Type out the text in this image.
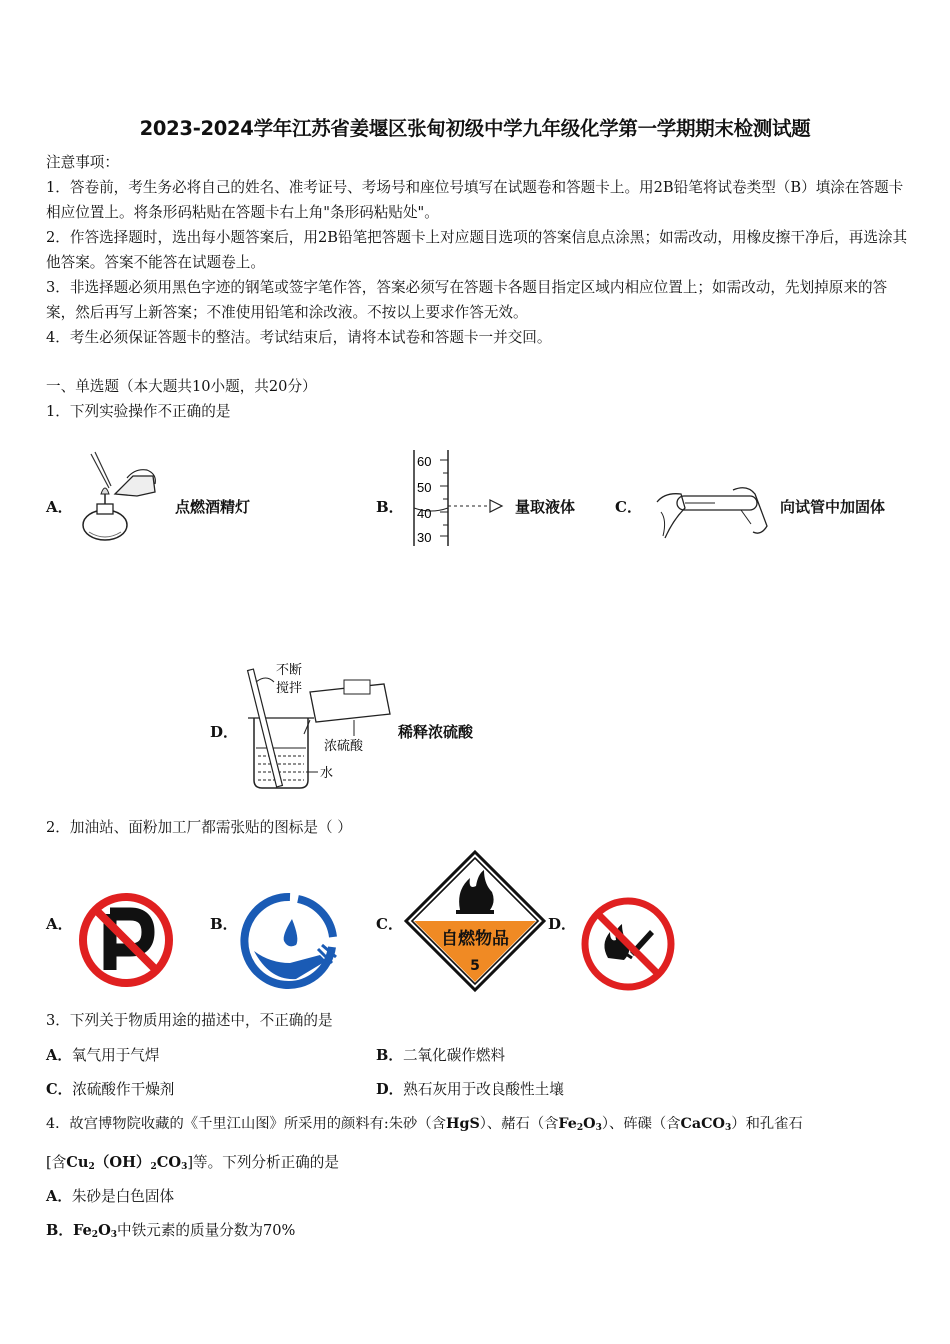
2023-2024学年江苏省姜堰区张甸初级中学九年级化学第一学期期末检测试题
注意事项：
1．答卷前，考生务必将自己的姓名、准考证号、考场号和座位号填写在试题卷和答题卡上。用2B铅笔将试卷类型（B）填涂在答题卡相应位置上。将条形码粘贴在答题卡右上角"条形码粘贴处"。
2．作答选择题时，选出每小题答案后，用2B铅笔把答题卡上对应题目选项的答案信息点涂黑；如需改动，用橡皮擦干净后，再选涂其他答案。答案不能答在试题卷上。
3．非选择题必须用黑色字迹的钢笔或签字笔作答，答案必须写在答题卡各题目指定区域内相应位置上；如需改动，先划掉原来的答案，然后再写上新答案；不准使用铅笔和涂改液。不按以上要求作答无效。
4．考生必须保证答题卡的整洁。考试结束后，请将本试卷和答题卡一并交回。
一、单选题（本大题共10小题，共20分）
1．下列实验操作不正确的是
A．	点燃酒精灯	B．
60
50
40
30
量取液体	C．	向试管中加固体
D．
不断
搅拌
浓硫酸
水
稀释浓硫酸
2．加油站、面粉加工厂都需张贴的图标是（ ）
A．	B．	C．
自燃物品
5
D．
3．下列关于物质用途的描述中，不正确的是
A．氧气用于气焊	B．二氧化碳作燃料
C．浓硫酸作干燥剂	D．熟石灰用于改良酸性土壤
4．故宫博物院收藏的《千里江山图》所采用的颜料有:朱砂（含HgS）、赭石（含$Fe_2O_3$）、砗磲（含CaCO$_3$）和孔雀石
[含$Cu_2(OH)_2CO_3$]等。下列分析正确的是
A．朱砂是白色固体
B．$Fe_2O_3$中铁元素的质量分数为70%
